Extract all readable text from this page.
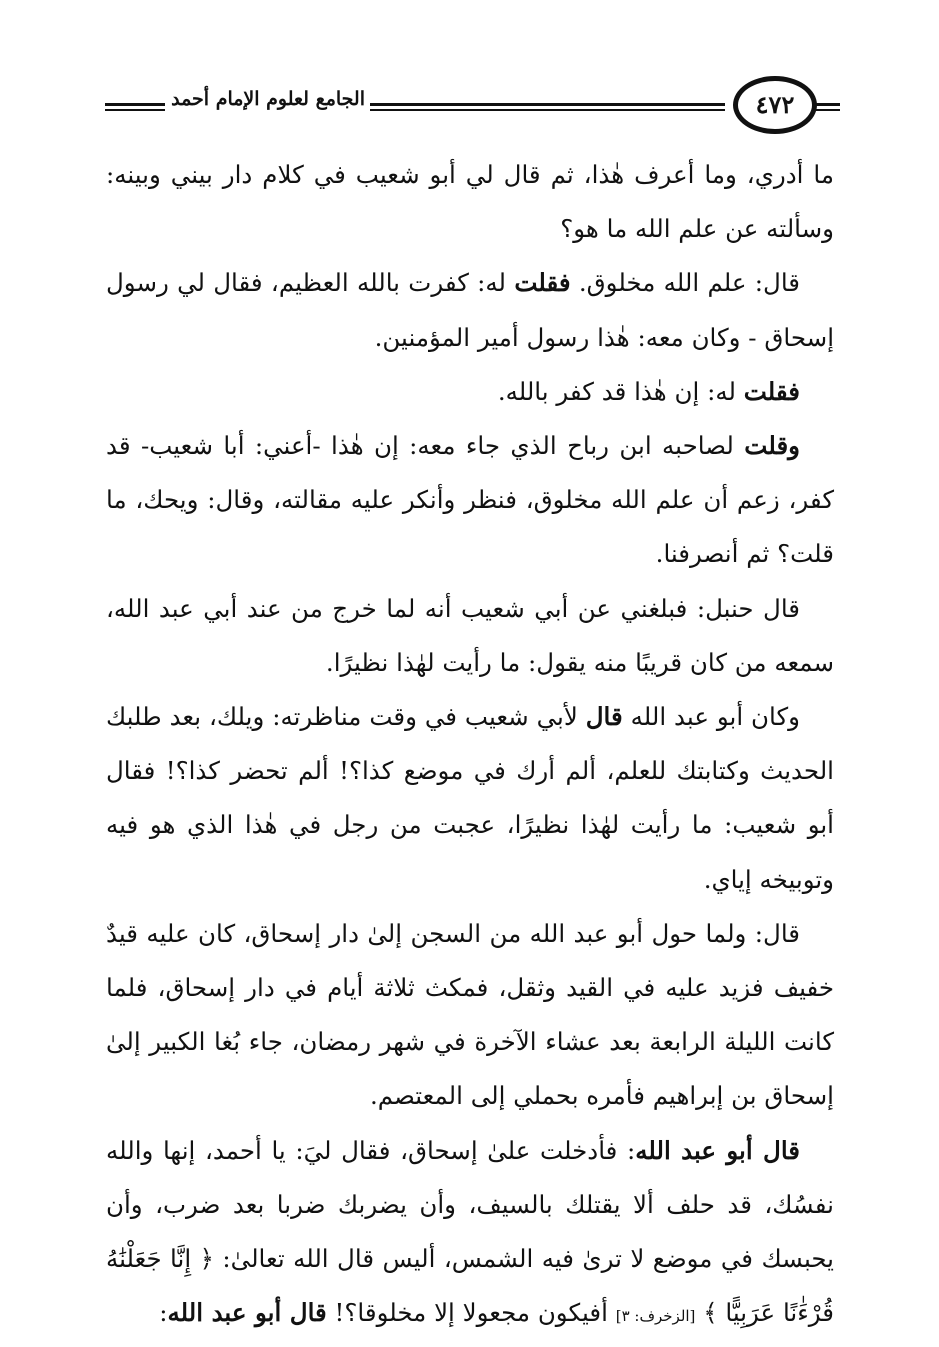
الجامع لعلوم الإمام أحمد	٤٧٢

ما أدري، وما أعرف هٰذا، ثم قال لي أبو شعيب في كلام دار بيني وبينه: وسألته عن علم الله ما هو؟

قال: علم الله مخلوق. فقلت له: كفرت بالله العظيم، فقال لي رسول إسحاق - وكان معه: هٰذا رسول أمير المؤمنين.

فقلت له: إن هٰذا قد كفر بالله.

وقلت لصاحبه ابن رباح الذي جاء معه: إن هٰذا -أعني: أبا شعيب- قد كفر، زعم أن علم الله مخلوق، فنظر وأنكر عليه مقالته، وقال: ويحك، ما قلت؟ ثم أنصرفنا.

قال حنبل: فبلغني عن أبي شعيب أنه لما خرج من عند أبي عبد الله، سمعه من كان قريبًا منه يقول: ما رأيت لهٰذا نظيرًا.

وكان أبو عبد الله قال لأبي شعيب في وقت مناظرته: ويلك، بعد طلبك الحديث وكتابتك للعلم، ألم أرك في موضع كذا؟! ألم تحضر كذا؟! فقال أبو شعيب: ما رأيت لهٰذا نظيرًا، عجبت من رجل في هٰذا الذي هو فيه وتوبيخه إياي.

قال: ولما حول أبو عبد الله من السجن إلىٰ دار إسحاق، كان عليه قيدٌ خفيف فزيد عليه في القيد وثقل، فمكث ثلاثة أيام في دار إسحاق، فلما كانت الليلة الرابعة بعد عشاء الآخرة في شهر رمضان، جاء بُغا الكبير إلىٰ إسحاق بن إبراهيم فأمره بحملي إلى المعتصم.

قال أبو عبد الله: فأدخلت علىٰ إسحاق، فقال ليَ: يا أحمد، إنها والله نفسُك، قد حلف ألا يقتلك بالسيف، وأن يضربك ضربا بعد ضرب، وأن يحبسك في موضع لا ترىٰ فيه الشمس، أليس قال الله تعالىٰ: ﴿ إِنَّا جَعَلْنَٰهُ قُرْءَٰنًا عَرَبِيًّا ﴾ [الزخرف: ٣] أفيكون مجعولا إلا مخلوقا؟! قال أبو عبد الله:
